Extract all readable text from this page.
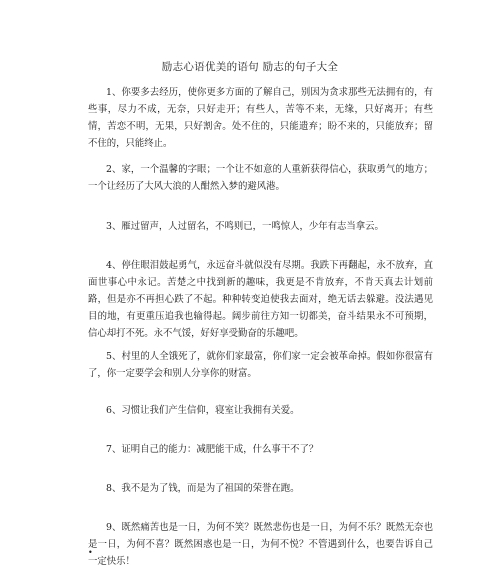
励志心语优美的语句 励志的句子大全

1、你要多去经历，使你更多方面的了解自己，别因为贪求那些无法拥有的，有些事，尽力不成，无奈，只好走开；有些人，苦等不来，无缘，只好离开；有些情，苦恋不明，无果，只好割舍。处不住的，只能遗弃；盼不来的，只能放弃；留不住的，只能终止。

2、家，一个温馨的字眼；一个让不如意的人重新获得信心，获取勇气的地方；一个让经历了大风大浪的人酣然入梦的避风港。

3、雁过留声，人过留名，不鸣则已，一鸣惊人，少年有志当拿云。

4、停住眼泪鼓起勇气，永远奋斗就似没有尽期。我跌下再翻起，永不放弃，直面世事心中永记。苦楚之中找到新的趣味，我更是不肯放弃，不肯天真去计划前路，但是亦不再担心跌了不起。种种转变迫使我去面对，绝无话去躲避。没法遇见目的地，有更重压追我也输得起。阔步前往方知一切都美，奋斗结果永不可预期，信心却打不死。永不气馁，好好享受勤奋的乐趣吧。

5、村里的人全饿死了，就你们家最富，你们家一定会被革命掉。假如你很富有了，你一定要学会和别人分享你的财富。

6、习惯让我们产生信仰，寝室让我拥有关爱。

7、证明自己的能力：减肥能干成，什么事干不了？

8、我不是为了钱，而是为了祖国的荣誉在跑。

9、既然痛苦也是一日，为何不笑？既然悲伤也是一日，为何不乐？既然无奈也是一日，为何不喜？既然困惑也是一日，为何不悦？不管遇到什么，也要告诉自己一定快乐！

•
